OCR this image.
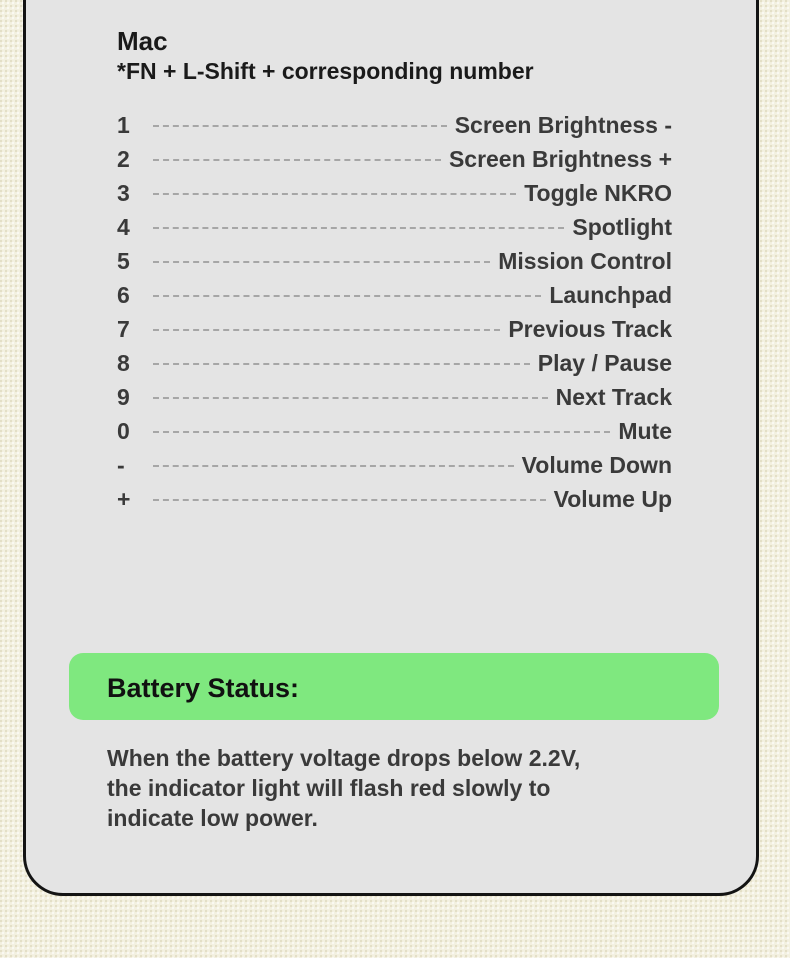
Mac

*FN + L-Shift + corresponding number

1	Screen Brightness -
2	Screen Brightness +
3	Toggle NKRO
4	Spotlight
5	Mission Control
6	Launchpad
7	Previous Track
8	Play / Pause
9	Next Track
0	Mute
-	Volume Down
+	Volume Up
Battery Status:

When the battery voltage drops below 2.2V,
the indicator light will flash red slowly to
indicate low power.
